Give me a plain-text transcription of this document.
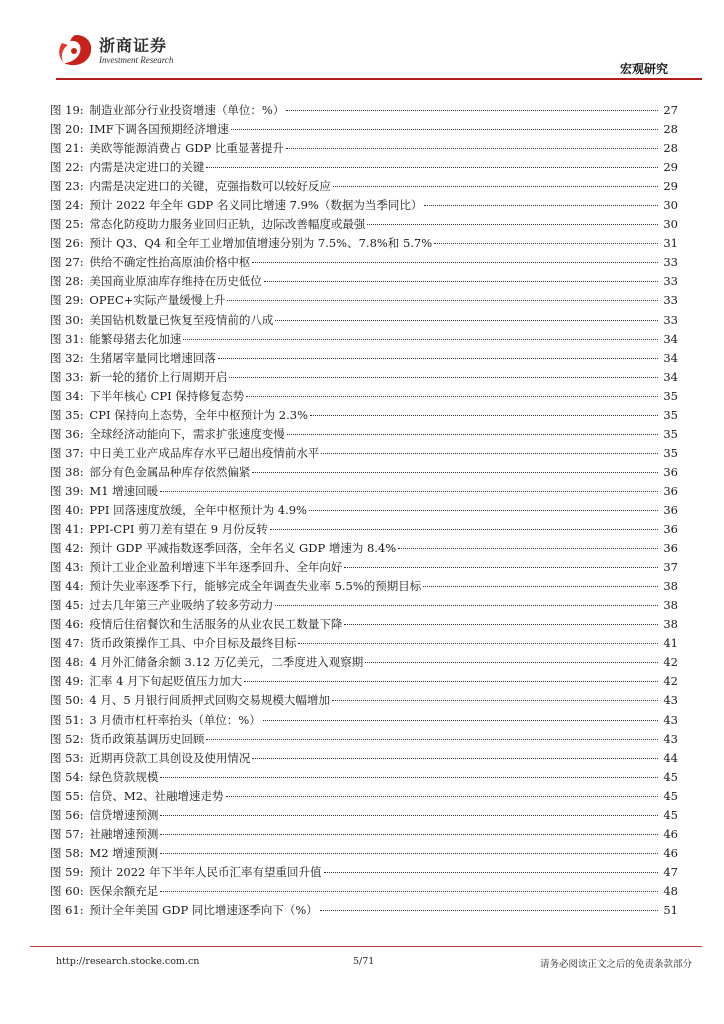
浙商证券
Investment Research
宏观研究
图 19:
  制造业部分行业投资增速（单位：%）	27
图 20:
  IMF下调各国预期经济增速	28
图 21:
  美欧等能源消费占 GDP 比重显著提升	28
图 22:
  内需是决定进口的关键	29
图 23:
  内需是决定进口的关键，克强指数可以较好反应	29
图 24:
  预计 2022 年全年 GDP 名义同比增速 7.9%（数据为当季同比）	30
图 25:
  常态化防疫助力服务业回归正轨，边际改善幅度或最强	30
图 26:
  预计 Q3、Q4 和全年工业增加值增速分别为 7.5%、7.8%和 5.7%	31
图 27:
  供给不确定性抬高原油价格中枢	33
图 28:
  美国商业原油库存维持在历史低位	33
图 29:
  OPEC+实际产量缓慢上升	33
图 30:
  美国钻机数量已恢复至疫情前的八成	33
图 31:
  能繁母猪去化加速	34
图 32:
  生猪屠宰量同比增速回落	34
图 33:
  新一轮的猪价上行周期开启	34
图 34:
  下半年核心 CPI 保持修复态势	35
图 35:
  CPI 保持向上态势，全年中枢预计为 2.3%	35
图 36:
  全球经济动能向下，需求扩张速度变慢	35
图 37:
  中日美工业产成品库存水平已超出疫情前水平	35
图 38:
  部分有色金属品种库存依然偏紧	36
图 39:
  M1 增速回暖	36
图 40:
  PPI 回落速度放缓，全年中枢预计为 4.9%	36
图 41:
  PPI-CPI 剪刀差有望在 9 月份反转	36
图 42:
  预计 GDP 平减指数逐季回落，全年名义 GDP 增速为 8.4%	36
图 43:
  预计工业企业盈利增速下半年逐季回升、全年向好	37
图 44:
  预计失业率逐季下行，能够完成全年调查失业率 5.5%的预期目标	38
图 45:
  过去几年第三产业吸纳了较多劳动力	38
图 46:
  疫情后住宿餐饮和生活服务的从业农民工数量下降	38
图 47:
  货币政策操作工具、中介目标及最终目标	41
图 48:
  4 月外汇储备余额 3.12 万亿美元，二季度进入观察期	42
图 49:
  汇率 4 月下旬起贬值压力加大	42
图 50:
  4 月、5 月银行间质押式回购交易规模大幅增加	43
图 51:
  3 月债市杠杆率抬头（单位：%）	43
图 52:
  货币政策基调历史回顾	43
图 53:
  近期再贷款工具创设及使用情况	44
图 54:
  绿色贷款规模	45
图 55:
  信贷、M2、社融增速走势	45
图 56:
  信贷增速预测	45
图 57:
  社融增速预测	46
图 58:
  M2 增速预测	46
图 59:
  预计 2022 年下半年人民币汇率有望重回升值	47
图 60:
  医保余额充足	48
图 61:
  预计全年美国 GDP 同比增速逐季向下（%）	51
http://research.stocke.com.cn	5/71	请务必阅读正文之后的免责条款部分
